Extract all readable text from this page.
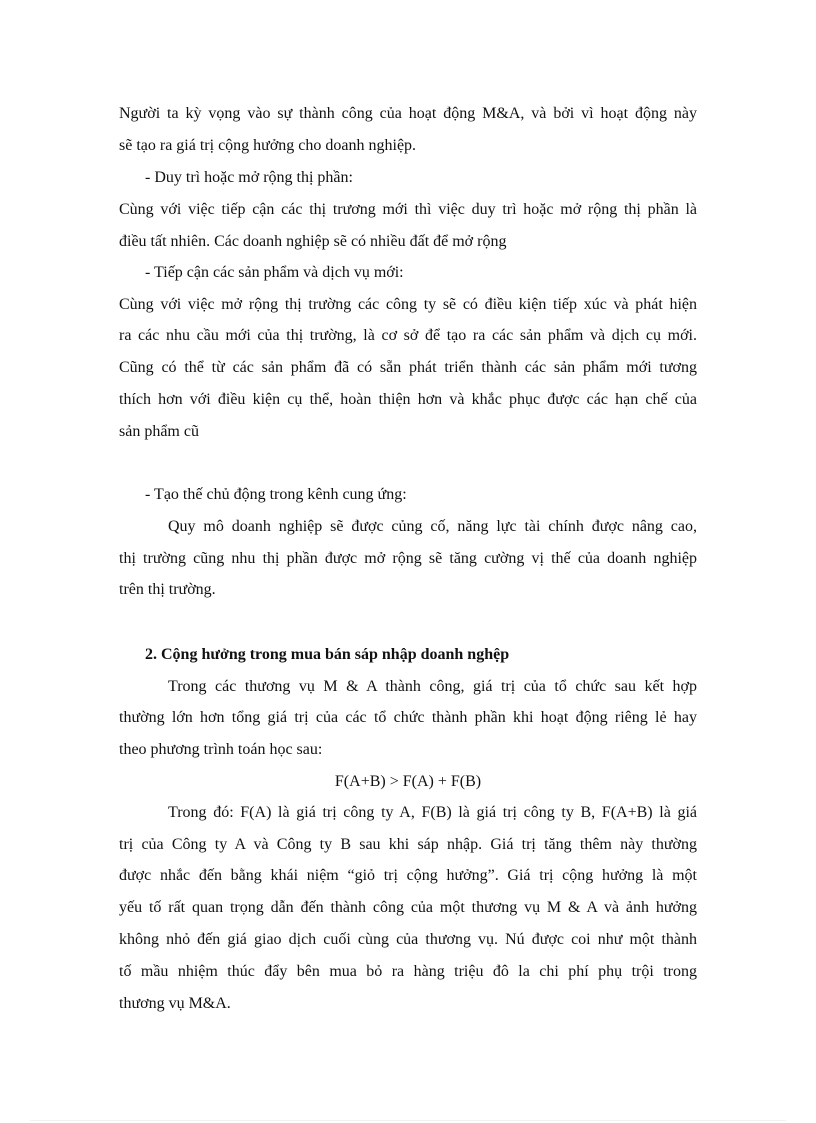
Người ta kỳ vọng vào sự thành công của hoạt động M&A, và bởi vì hoạt động này

sẽ tạo ra giá trị cộng hưởng cho doanh nghiệp.

- Duy trì hoặc mở rộng thị phần:

Cùng với việc tiếp cận các thị trương mới thì việc duy trì hoặc mở rộng thị phần là

điều tất nhiên. Các doanh nghiệp sẽ có nhiều đất để mở rộng

- Tiếp cận các sản phẩm và dịch vụ mới:

Cùng với việc mở rộng thị trường các công ty sẽ có điều kiện tiếp xúc và phát hiện

ra các nhu cầu mới của thị trường, là cơ sở để tạo ra các sản phẩm và dịch cụ mới.

Cũng có thể từ các sản phẩm đã có sẵn phát triển thành các sản phẩm mới tương

thích hơn với điều kiện cụ thể, hoàn thiện hơn và khắc phục được các hạn chế của

sản phẩm cũ

- Tạo thế chủ động trong kênh cung ứng:

Quy mô doanh nghiệp sẽ được củng cố, năng lực tài chính được nâng cao,

thị trường cũng nhu thị phần được mở rộng sẽ tăng cường vị thế của doanh nghiệp

trên thị trường.

2. Cộng hưởng trong mua bán sáp nhập doanh nghệp

Trong các thương vụ M & A thành công, giá trị của tổ chức sau kết hợp

thường lớn hơn tổng giá trị của các tổ chức thành phần khi hoạt động riêng lẻ hay

theo phương trình toán học sau:

F(A+B) > F(A) + F(B)

Trong đó: F(A) là giá trị công ty A, F(B) là giá trị công ty B, F(A+B) là giá

trị của Công ty A và Công ty B sau khi sáp nhập. Giá trị tăng thêm này thường

được nhắc đến bằng khái niệm “giỏ trị cộng hưởng”. Giá trị cộng hưởng là một

yếu tố rất quan trọng dẫn đến thành công của một thương vụ M & A và ảnh hưởng

không nhỏ đến giá giao dịch cuối cùng của thương vụ. Nú được coi như một thành

tố mầu nhiệm thúc đẩy bên mua bỏ ra hàng triệu đô la chi phí phụ trội trong

thương vụ M&A.
